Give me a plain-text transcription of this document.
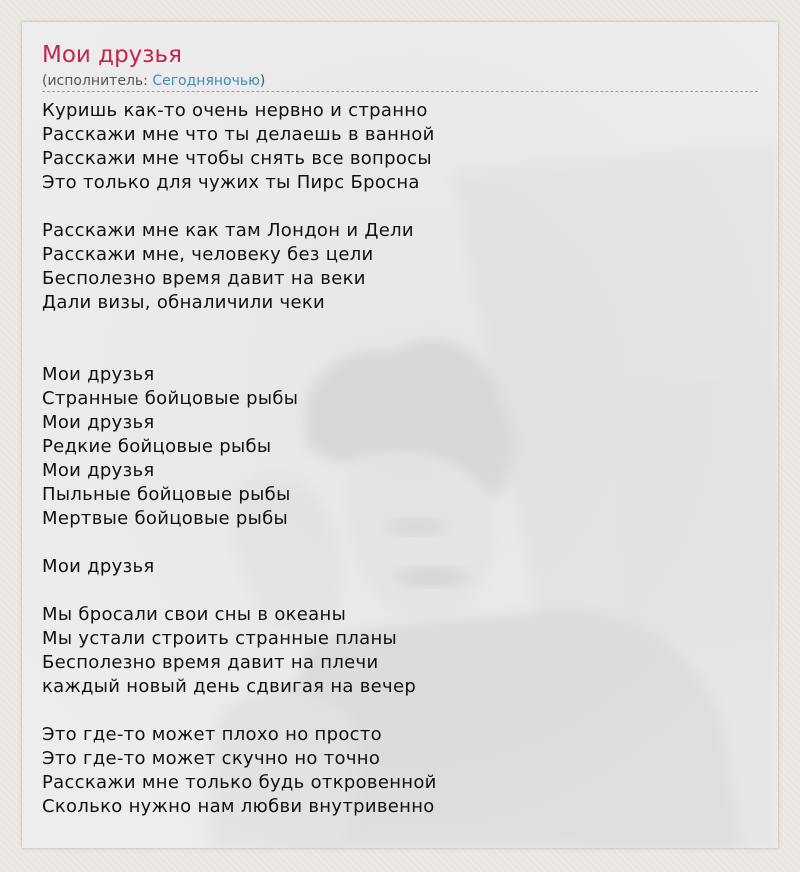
Мои друзья
(исполнитель: Сегодняночью)
Куришь как-то очень нервно и странно
Расскажи мне что ты делаешь в ванной
Расскажи мне чтобы снять все вопросы
Это только для чужих ты Пирс Бросна
Расскажи мне как там Лондон и Дели
Расскажи мне, человеку без цели
Бесполезно время давит на веки
Дали визы, обналичили чеки
Мои друзья
Странные бойцовые рыбы
Мои друзья
Редкие бойцовые рыбы
Мои друзья
Пыльные бойцовые рыбы
Мертвые бойцовые рыбы
Мои друзья
Мы бросали свои сны в океаны
Мы устали строить странные планы
Бесполезно время давит на плечи
каждый новый день сдвигая на вечер
Это где-то может плохо но просто
Это где-то может скучно но точно
Расскажи мне только будь откровенной
Сколько нужно нам любви внутривенно
